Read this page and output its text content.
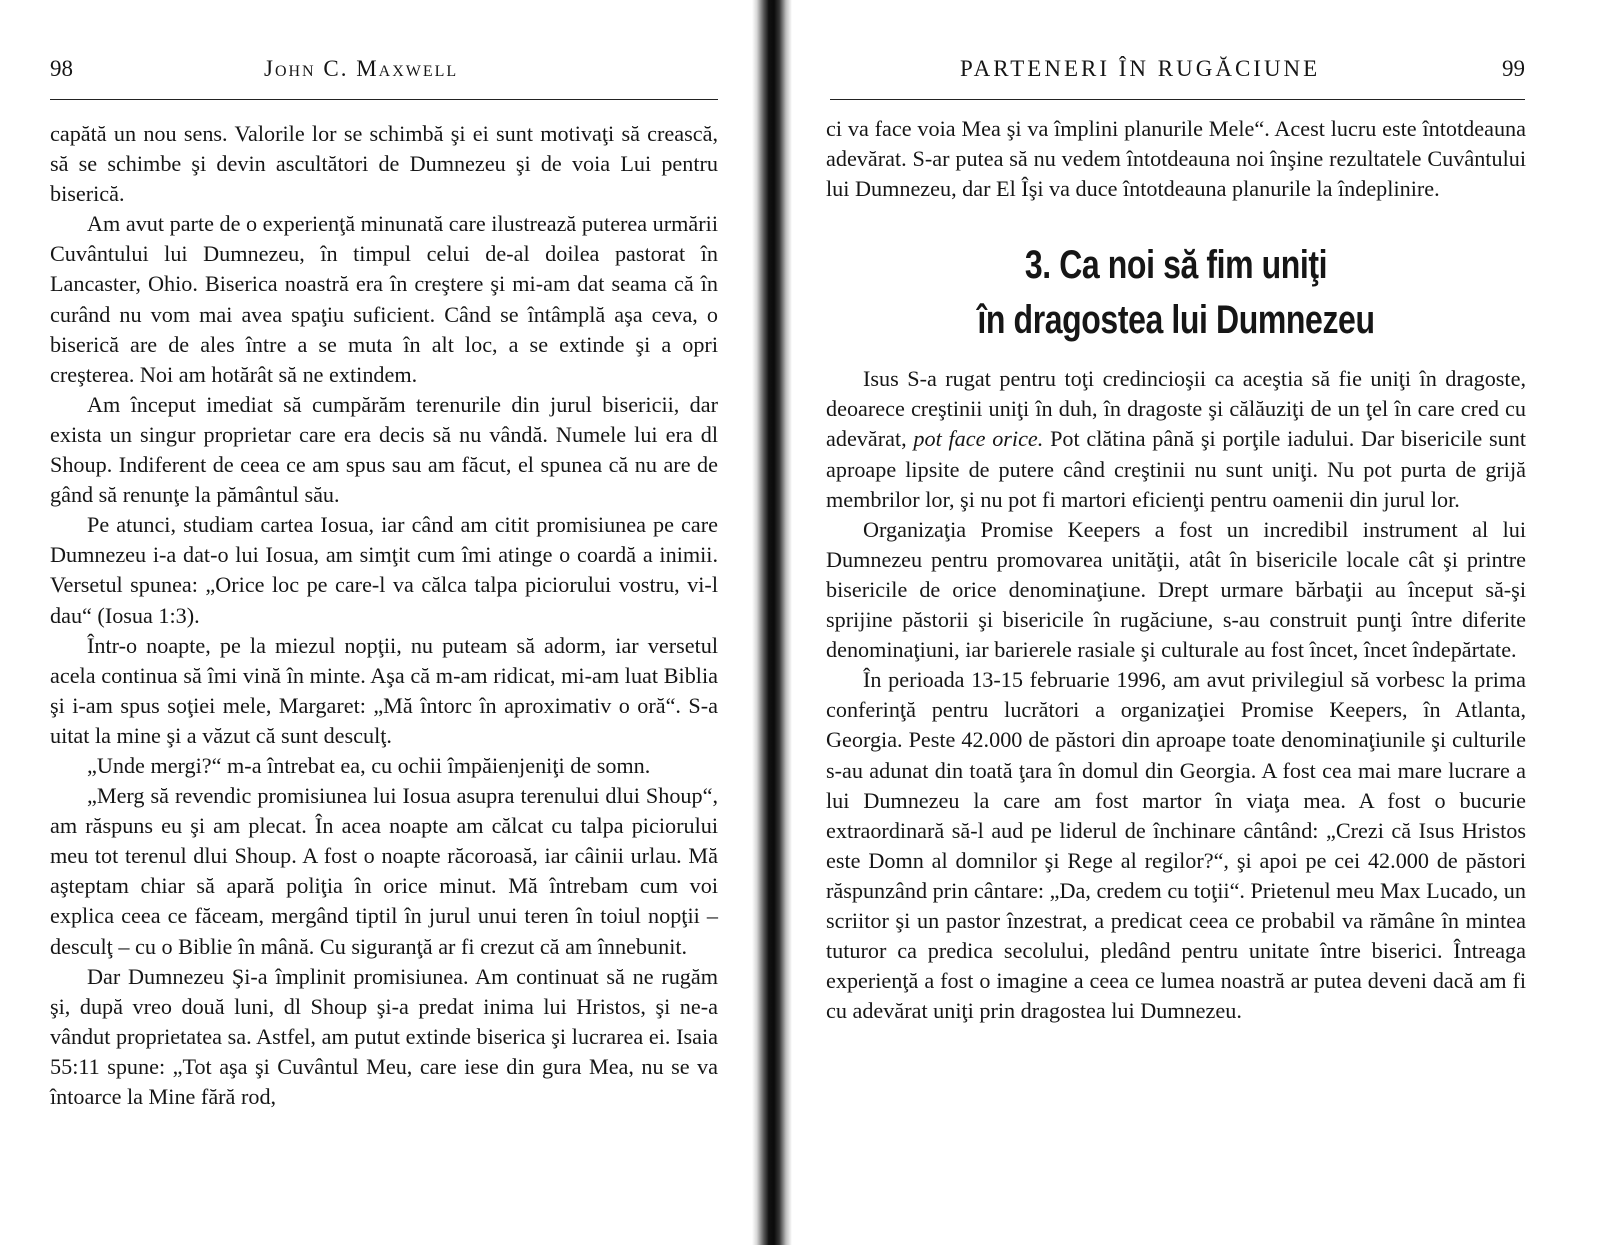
98	John C. Maxwell

capătă un nou sens. Valorile lor se schimbă şi ei sunt motivaţi să crească, să se schimbe şi devin ascultători de Dumnezeu şi de voia Lui pentru biserică.

Am avut parte de o experienţă minunată care ilustrează puterea urmării Cuvântului lui Dumnezeu, în timpul celui de-al doilea pastorat în Lancaster, Ohio. Biserica noastră era în creştere şi mi-am dat seama că în curând nu vom mai avea spaţiu suficient. Când se întâmplă aşa ceva, o biserică are de ales între a se muta în alt loc, a se extinde şi a opri creşterea. Noi am hotărât să ne extindem.

Am început imediat să cumpărăm terenurile din jurul bisericii, dar exista un singur proprietar care era decis să nu vândă. Numele lui era dl Shoup. Indiferent de ceea ce am spus sau am făcut, el spunea că nu are de gând să renunţe la pământul său.

Pe atunci, studiam cartea Iosua, iar când am citit promisiunea pe care Dumnezeu i-a dat-o lui Iosua, am simţit cum îmi atinge o coardă a inimii. Versetul spunea: „Orice loc pe care-l va călca talpa piciorului vostru, vi-l dau“ (Iosua 1:3).

Într-o noapte, pe la miezul nopţii, nu puteam să adorm, iar versetul acela continua să îmi vină în minte. Aşa că m-am ridicat, mi-am luat Biblia şi i-am spus soţiei mele, Margaret: „Mă întorc în aproximativ o oră“. S-a uitat la mine şi a văzut că sunt desculţ.

„Unde mergi?“ m-a întrebat ea, cu ochii împăienjeniţi de somn.

„Merg să revendic promisiunea lui Iosua asupra terenului dlui Shoup“, am răspuns eu şi am plecat. În acea noapte am călcat cu talpa piciorului meu tot terenul dlui Shoup. A fost o noapte răcoroasă, iar câinii urlau. Mă aşteptam chiar să apară poliţia în orice minut. Mă întrebam cum voi explica ceea ce făceam, mergând tiptil în jurul unui teren în toiul nopţii – desculţ – cu o Biblie în mână. Cu siguranţă ar fi crezut că am înnebunit.

Dar Dumnezeu Şi-a împlinit promisiunea. Am continuat să ne rugăm şi, după vreo două luni, dl Shoup şi-a predat inima lui Hristos, şi ne-a vândut proprietatea sa. Astfel, am putut extinde biserica şi lucrarea ei. Isaia 55:11 spune: „Tot aşa şi Cuvântul Meu, care iese din gura Mea, nu se va întoarce la Mine fără rod,

PARTENERI ÎN RUGĂCIUNE	99

ci va face voia Mea şi va împlini planurile Mele“. Acest lucru este întotdeauna adevărat. S-ar putea să nu vedem întotdeauna noi înşine rezultatele Cuvântului lui Dumnezeu, dar El Îşi va duce întotdeauna planurile la îndeplinire.

3. Ca noi să fim uniţi
în dragostea lui Dumnezeu

Isus S-a rugat pentru toţi credincioşii ca aceştia să fie uniţi în dragoste, deoarece creştinii uniţi în duh, în dragoste şi călăuziţi de un ţel în care cred cu adevărat, pot face orice. Pot clătina până şi porţile iadului. Dar bisericile sunt aproape lipsite de putere când creştinii nu sunt uniţi. Nu pot purta de grijă membrilor lor, şi nu pot fi martori eficienţi pentru oamenii din jurul lor.

Organizaţia Promise Keepers a fost un incredibil instrument al lui Dumnezeu pentru promovarea unităţii, atât în bisericile locale cât şi printre bisericile de orice denominaţiune. Drept urmare bărbaţii au început să-şi sprijine păstorii şi bisericile în rugăciune, s-au construit punţi între diferite denominaţiuni, iar barierele rasiale şi culturale au fost încet, încet îndepărtate.

În perioada 13-15 februarie 1996, am avut privilegiul să vorbesc la prima conferinţă pentru lucrători a organizaţiei Promise Keepers, în Atlanta, Georgia. Peste 42.000 de păstori din aproape toate denominaţiunile şi culturile s-au adunat din toată ţara în domul din Georgia. A fost cea mai mare lucrare a lui Dumnezeu la care am fost martor în viaţa mea. A fost o bucurie extraordinară să-l aud pe liderul de închinare cântând: „Crezi că Isus Hristos este Domn al domnilor şi Rege al regilor?“, şi apoi pe cei 42.000 de păstori răspunzând prin cântare: „Da, credem cu toţii“. Prietenul meu Max Lucado, un scriitor şi un pastor înzestrat, a predicat ceea ce probabil va rămâne în mintea tuturor ca predica secolului, pledând pentru unitate între biserici. Întreaga experienţă a fost o imagine a ceea ce lumea noastră ar putea deveni dacă am fi cu adevărat uniţi prin dragostea lui Dumnezeu.
